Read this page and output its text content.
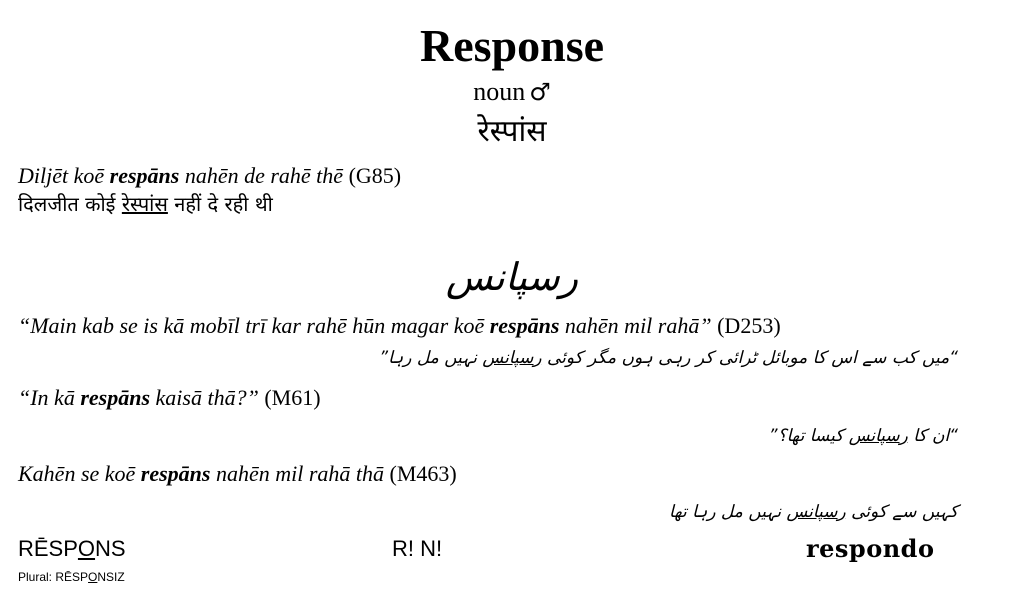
Response
noun ♂
रेस्पांस
Diljēt koē respāns nahēn de rahē thē (G85)
दिलजीत कोई रेस्पांस नहीं दे रही थी
رسپانس
“Main kab se is kā mobīl trī kar rahē hūn magar koē respāns nahēn mil rahā” (D253)
“میں کب سے اس کا موبائل ٹرائی کر رہی ہوں مگر کوئی رسپانس نہیں مل رہا”
“In kā respāns kaisā thā?” (M61)
“ان کا رسپانس کیسا تھا؟”
Kahēn se koē respāns nahēn mil rahā thā (M463)
کہیں سے کوئی رسپانس نہیں مل رہا تھا
RĒSPONS
Plural: RĒSPONSIZ
R! N!	respondo
